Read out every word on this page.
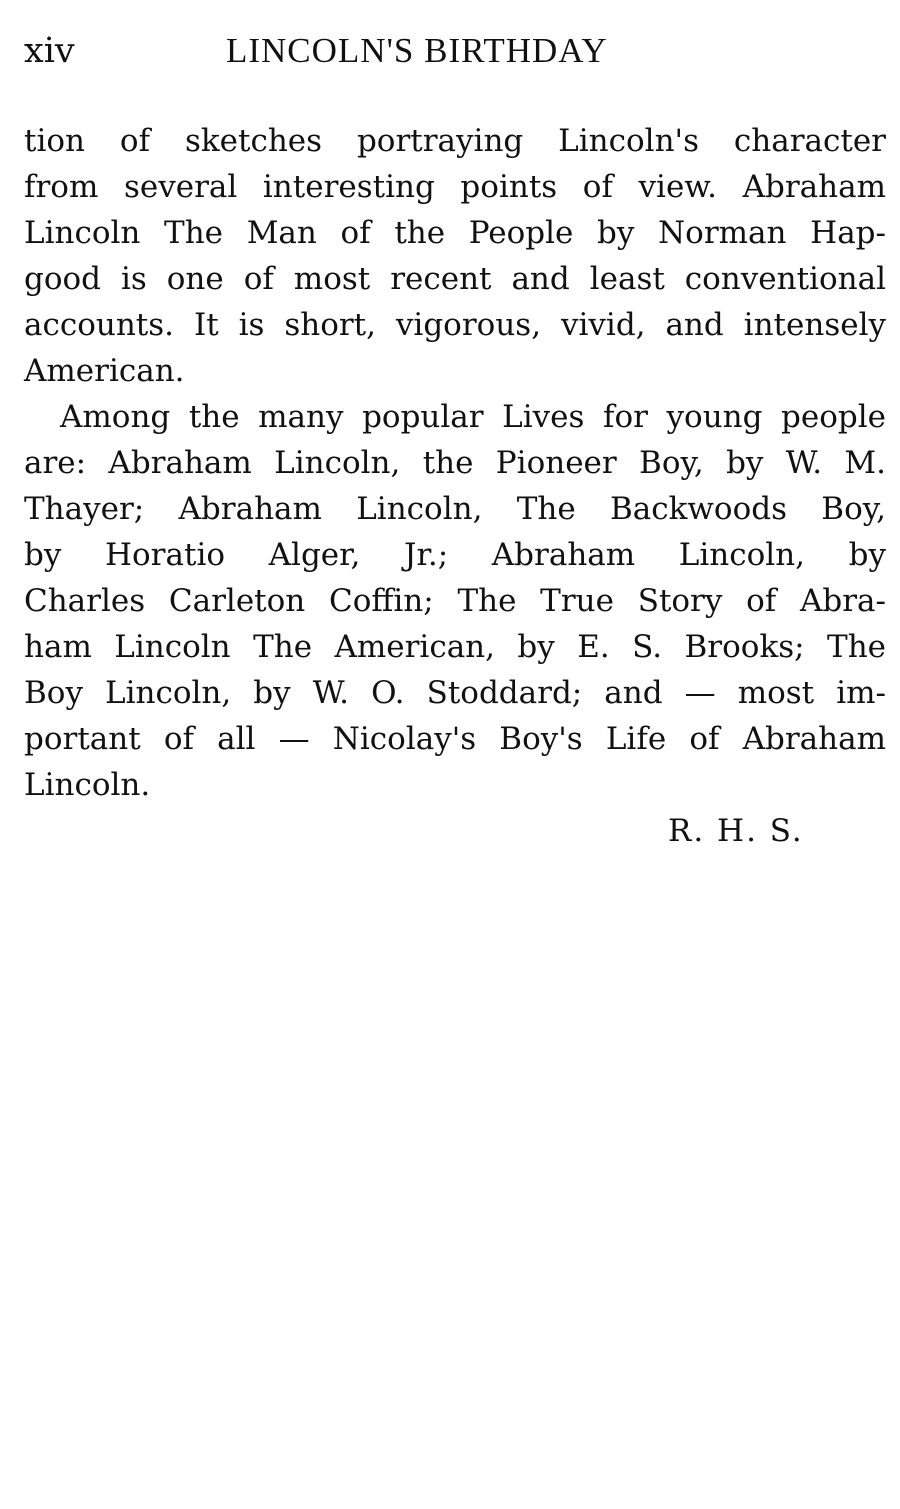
xiv	LINCOLN'S BIRTHDAY
tion of sketches portraying Lincoln's character
from several interesting points of view. Abraham
Lincoln The Man of the People by Norman Hap-
good is one of most recent and least conventional
accounts. It is short, vigorous, vivid, and intensely
American.
Among the many popular Lives for young people
are: Abraham Lincoln, the Pioneer Boy, by W. M.
Thayer; Abraham Lincoln, The Backwoods Boy,
by Horatio Alger, Jr.; Abraham Lincoln, by
Charles Carleton Coffin; The True Story of Abra-
ham Lincoln The American, by E. S. Brooks; The
Boy Lincoln, by W. O. Stoddard; and — most im-
portant of all — Nicolay's Boy's Life of Abraham
Lincoln.
R. H. S.
